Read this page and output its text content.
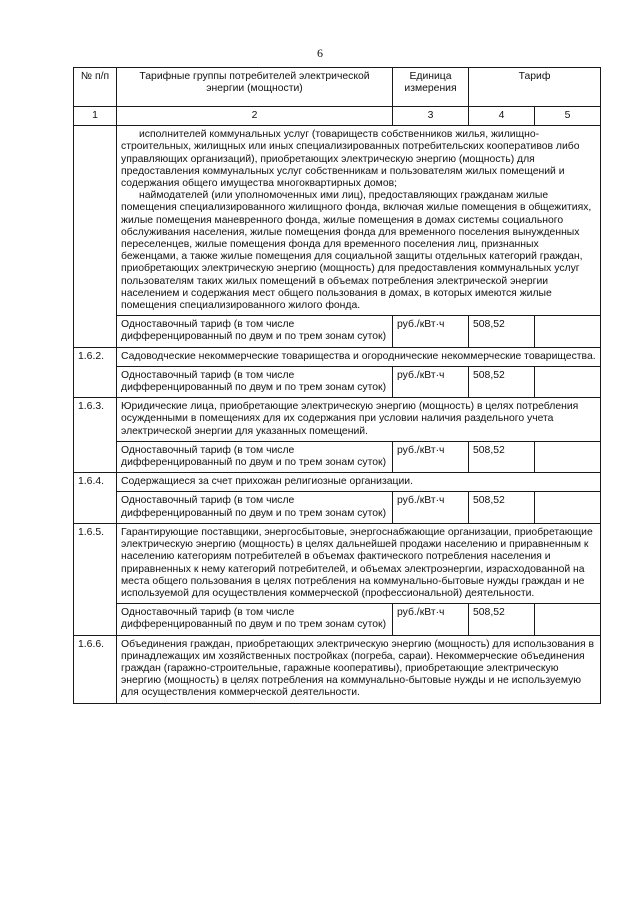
6
№ п/п	Тарифные группы потребителей электрической энергии (мощности)	Единица измерения	Тариф	
1	2	3	4	5

	исполнителей коммунальных услуг (товариществ собственников жилья, жилищно-строительных, жилищных или иных специализированных потребительских кооперативов либо управляющих организаций), приобретающих электрическую энергию (мощность) для предоставления коммунальных услуг собственникам и пользователям жилых помещений и содержания общего имущества многоквартирных домов;
наймодателей (или уполномоченных ими лиц), предоставляющих гражданам жилые помещения специализированного жилищного фонда, включая жилые помещения в общежитиях, жилые помещения маневренного фонда, жилые помещения в домах системы социального обслуживания населения, жилые помещения фонда для временного поселения вынужденных переселенцев, жилые помещения фонда для временного поселения лиц, признанных беженцами, а также жилые помещения для социальной защиты отдельных категорий граждан, приобретающих электрическую энергию (мощность) для предоставления коммунальных услуг пользователям таких жилых помещений в объемах потребления электрической энергии населением и содержания мест общего пользования в домах, в которых имеются жилые помещения специализированного жилого фонда.			

	Одноставочный тариф (в том числе дифференцированный по двум и по трем зонам суток)	руб./кВт·ч	508,52	
1.6.2.	Садоводческие некоммерческие товарищества и огороднические некоммерческие товарищества.			
	Одноставочный тариф (в том числе дифференцированный по двум и по трем зонам суток)	руб./кВт·ч	508,52	
1.6.3.	Юридические лица, приобретающие электрическую энергию (мощность) в целях потребления осужденными в помещениях для их содержания при условии наличия раздельного учета электрической энергии для указанных помещений.			
	Одноставочный тариф (в том числе дифференцированный по двум и по трем зонам суток)	руб./кВт·ч	508,52	
1.6.4.	Содержащиеся за счет прихожан религиозные организации.			
	Одноставочный тариф (в том числе дифференцированный по двум и по трем зонам суток)	руб./кВт·ч	508,52	
1.6.5.	Гарантирующие поставщики, энергосбытовые, энергоснабжающие организации, приобретающие электрическую энергию (мощность) в целях дальнейшей продажи населению и приравненным к населению категориям потребителей в объемах фактического потребления населения и приравненных к нему категорий потребителей, и объемах электроэнергии, израсходованной на места общего пользования в целях потребления на коммунально-бытовые нужды граждан и не используемой для осуществления коммерческой (профессиональной) деятельности.			
	Одноставочный тариф (в том числе дифференцированный по двум и по трем зонам суток)	руб./кВт·ч	508,52	
1.6.6.	Объединения граждан, приобретающих электрическую энергию (мощность) для использования в принадлежащих им хозяйственных постройках (погреба, сараи). Некоммерческие объединения граждан (гаражно-строительные, гаражные кооперативы), приобретающие электрическую энергию (мощность) в целях потребления на коммунально-бытовые нужды и не используемую для осуществления коммерческой деятельности.			
